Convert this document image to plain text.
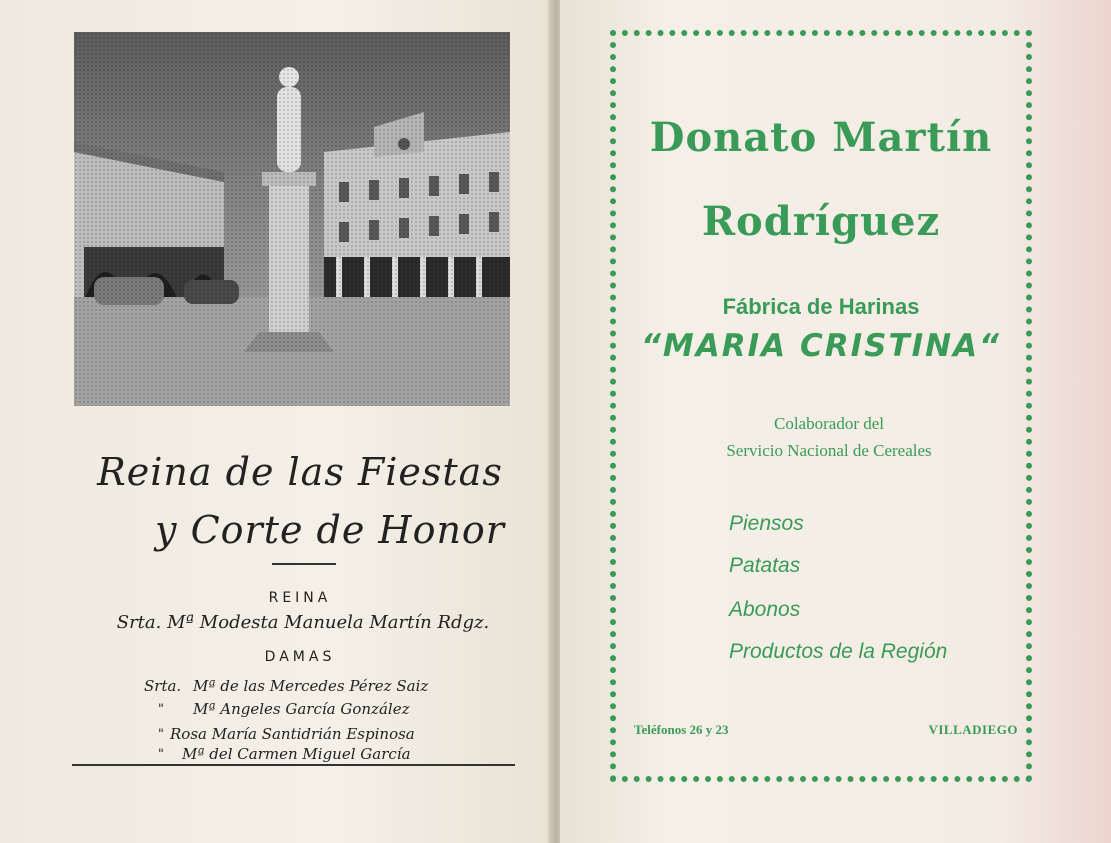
Reina de las Fiestas
y Corte de Honor
REINA
Srta. Mª Modesta Manuela Martín Rdgz.
DAMAS
Srta. Mª de las Mercedes Pérez Saiz
" Mª Angeles García González
" Rosa María Santidrián Espinosa
" Mª del Carmen Miguel García
Donato Martín
Rodríguez
Fábrica de Harinas
“MARIA CRISTINA“
Colaborador del
Servicio Nacional de Cereales
Piensos
Patatas
Abonos
Productos de la Región
Teléfonos 26 y 23	VILLADIEGO
